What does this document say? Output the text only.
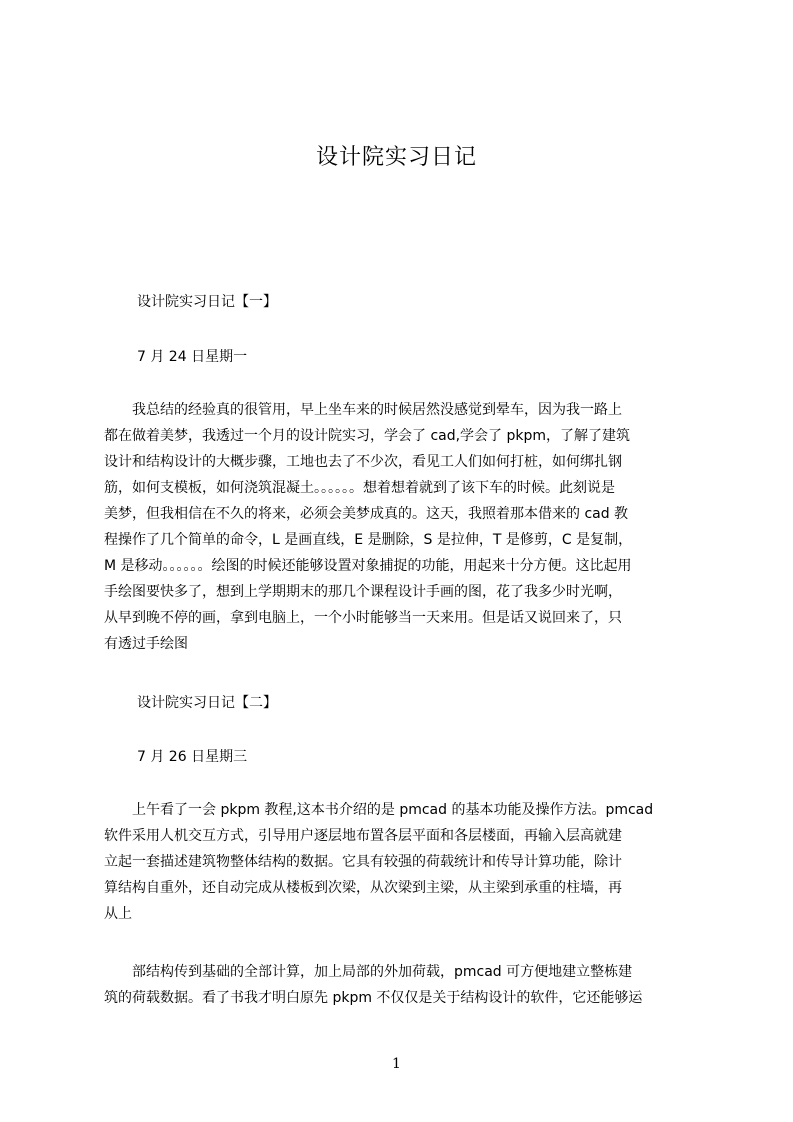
设计院实习日记
设计院实习日记【一】
7 月 24 日星期一
　　我总结的经验真的很管用，早上坐车来的时候居然没感觉到晕车，因为我一路上
都在做着美梦，我透过一个月的设计院实习，学会了 cad,学会了 pkpm，了解了建筑
设计和结构设计的大概步骤，工地也去了不少次，看见工人们如何打桩，如何绑扎钢
筋，如何支模板，如何浇筑混凝土。。。。。。想着想着就到了该下车的时候。此刻说是
美梦，但我相信在不久的将来，必须会美梦成真的。这天，我照着那本借来的 cad 教
程操作了几个简单的命令，L 是画直线，E 是删除，S 是拉伸，T 是修剪，C 是复制，
M 是移动。。。。。。绘图的时候还能够设置对象捕捉的功能，用起来十分方便。这比起用
手绘图要快多了，想到上学期期末的那几个课程设计手画的图，花了我多少时光啊，
从早到晚不停的画，拿到电脑上，一个小时能够当一天来用。但是话又说回来了，只
有透过手绘图
设计院实习日记【二】
7 月 26 日星期三
　　上午看了一会 pkpm 教程,这本书介绍的是 pmcad 的基本功能及操作方法。pmcad
软件采用人机交互方式，引导用户逐层地布置各层平面和各层楼面，再输入层高就建
立起一套描述建筑物整体结构的数据。它具有较强的荷载统计和传导计算功能，除计
算结构自重外，还自动完成从楼板到次梁，从次梁到主梁，从主梁到承重的柱墙，再
从上
　　部结构传到基础的全部计算，加上局部的外加荷载，pmcad 可方便地建立整栋建
筑的荷载数据。看了书我才明白原先 pkpm 不仅仅是关于结构设计的软件，它还能够运
1
